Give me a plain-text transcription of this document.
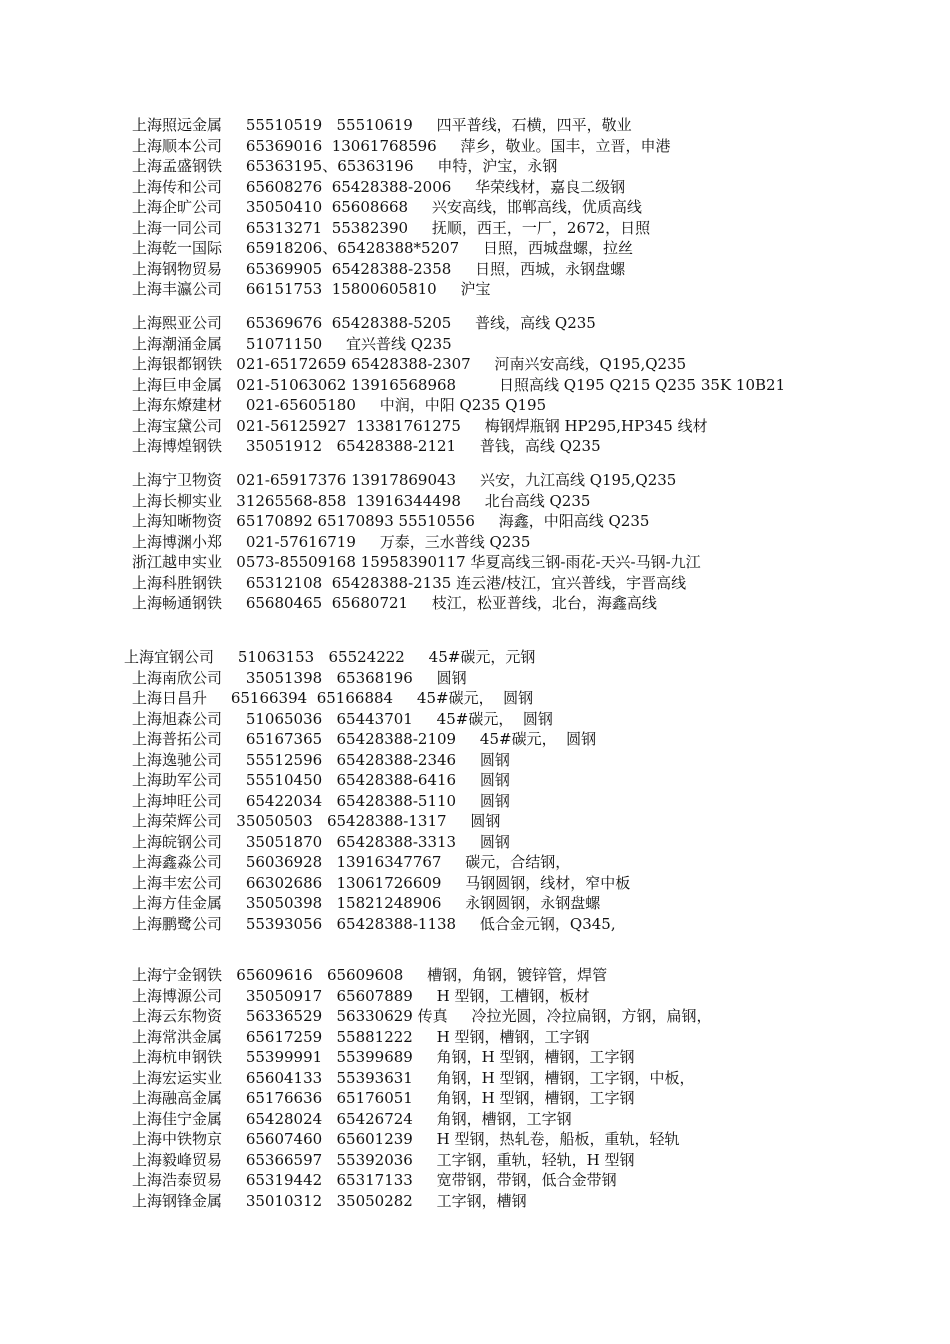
上海照远金属     55510519   55510619     四平普线，石横，四平，敬业
上海顺本公司     65369016  13061768596     萍乡，敬业。国丰，立晋，申港
上海孟盛钢铁     65363195、65363196     申特，沪宝，永钢
上海传和公司     65608276  65428388-2006     华荣线材，嘉良二级钢
上海企旷公司     35050410  65608668     兴安高线，邯郸高线，优质高线
上海一同公司     65313271  55382390     抚顺，西王，一厂，2672，日照
上海乾一国际     65918206、65428388*5207     日照，西城盘螺，拉丝
上海钢物贸易     65369905  65428388-2358     日照，西城，永钢盘螺
上海丰瀛公司     66151753  15800605810     沪宝
上海熙亚公司     65369676  65428388-5205     普线，高线 Q235
上海潮涌金属     51071150     宜兴普线 Q235
上海银都钢铁   021-65172659 65428388-2307     河南兴安高线，Q195,Q235
上海巨申金属   021-51063062 13916568968         日照高线 Q195 Q215 Q235 35K 10B21
上海东燎建材     021-65605180     中润，中阳 Q235 Q195
上海宝黛公司   021-56125927  13381761275     梅钢焊瓶钢 HP295,HP345 线材
上海博煌钢铁     35051912   65428388-2121     普钱，高线 Q235
上海宁卫物资   021-65917376 13917869043     兴安，九江高线 Q195,Q235
上海长柳实业   31265568-858  13916344498     北台高线 Q235
上海知晰物资   65170892 65170893 55510556     海鑫，中阳高线 Q235
上海博渊小郑     021-57616719     万泰，三水普线 Q235
浙江越申实业   0573-85509168 15958390117 华夏高线三钢-雨花-天兴-马钢-九江
上海科胜钢铁     65312108  65428388-2135 连云港/枝江，宜兴普线，宇晋高线
上海畅通钢铁     65680465  65680721     枝江，松亚普线，北台，海鑫高线
上海宜钢公司     51063153   65524222     45#碳元，元钢
上海南欣公司     35051398   65368196     圆钢
上海日昌升     65166394  65166884     45#碳元，  圆钢
上海旭森公司     51065036   65443701     45#碳元，  圆钢
上海普拓公司     65167365   65428388-2109     45#碳元，  圆钢
上海逸驰公司     55512596   65428388-2346     圆钢
上海助军公司     55510450   65428388-6416     圆钢
上海坤旺公司     65422034   65428388-5110     圆钢
上海荣辉公司   35050503   65428388-1317     圆钢
上海皖钢公司     35051870   65428388-3313     圆钢
上海鑫淼公司     56036928   13916347767     碳元，合结钢，
上海丰宏公司     66302686   13061726609     马钢圆钢，线材，窄中板
上海方佳金属     35050398   15821248906     永钢圆钢，永钢盘螺
上海鹏鹭公司     55393056   65428388-1138     低合金元钢，Q345,
上海宁金钢铁   65609616   65609608     槽钢，角钢，镀锌管，焊管
上海博源公司     35050917   65607889     H 型钢，工槽钢，板材
上海云东物资     56336529   56330629 传真     冷拉光圆，冷拉扁钢，方钢，扁钢，
上海常洪金属     65617259   55881222     H 型钢，槽钢，工字钢
上海杭申钢铁     55399991   55399689     角钢，H 型钢，槽钢，工字钢
上海宏运实业     65604133   55393631     角钢，H 型钢，槽钢，工字钢，中板，
上海融高金属     65176636   65176051     角钢，H 型钢，槽钢，工字钢
上海佳宁金属     65428024   65426724     角钢，槽钢，工字钢
上海中铁物京     65607460   65601239     H 型钢，热轧卷，船板，重轨，轻轨
上海毅峰贸易     65366597   55392036     工字钢，重轨，轻轨，H 型钢
上海浩泰贸易     65319442   65317133     宽带钢，带钢，低合金带钢
上海钢锋金属     35010312   35050282     工字钢，槽钢
